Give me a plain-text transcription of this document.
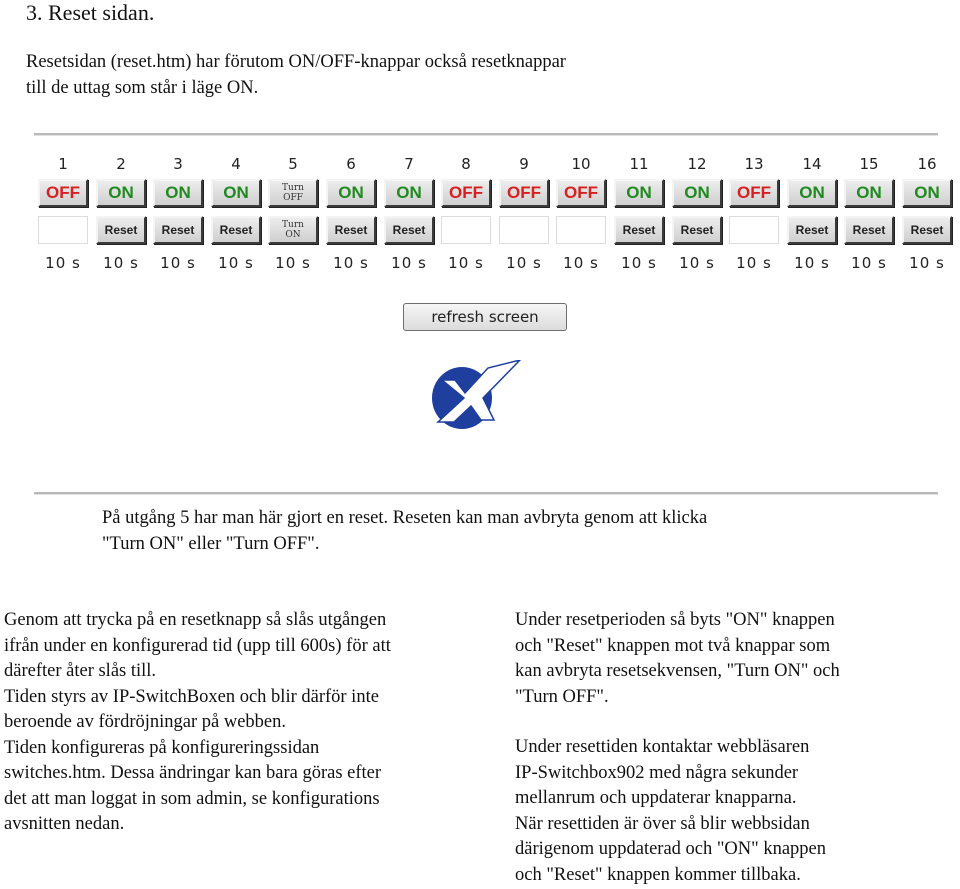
3. Reset sidan.
Resetsidan (reset.htm) har förutom ON/OFF-knappar också resetknappar
till de uttag som står i läge ON.
1
OFF
10 s
2
ON
Reset
10 s
3
ON
Reset
10 s
4
ON
Reset
10 s
5
Turn
OFF
Turn
ON
10 s
6
ON
Reset
10 s
7
ON
Reset
10 s
8
OFF
10 s
9
OFF
10 s
10
OFF
10 s
11
ON
Reset
10 s
12
ON
Reset
10 s
13
OFF
10 s
14
ON
Reset
10 s
15
ON
Reset
10 s
16
ON
Reset
10 s
refresh screen
På utgång 5 har man här gjort en reset. Reseten kan man avbryta genom att klicka
"Turn ON" eller "Turn OFF".
Genom att trycka på en resetknapp så slås utgången
ifrån under en konfigurerad tid (upp till 600s) för att
därefter åter slås till.
Tiden styrs av IP-SwitchBoxen och blir därför inte
beroende av fördröjningar på webben.
Tiden konfigureras på konfigureringssidan
switches.htm. Dessa ändringar kan bara göras efter
det att man loggat in som admin, se konfigurations
avsnitten nedan.
Under resetperioden så byts "ON" knappen
och "Reset" knappen mot två knappar som
kan avbryta resetsekvensen, "Turn ON" och
"Turn OFF".
Under resettiden kontaktar webbläsaren
IP-Switchbox902 med några sekunder
mellanrum och uppdaterar knapparna.
När resettiden är över så blir webbsidan
därigenom uppdaterad och "ON" knappen
och "Reset" knappen kommer tillbaka.
